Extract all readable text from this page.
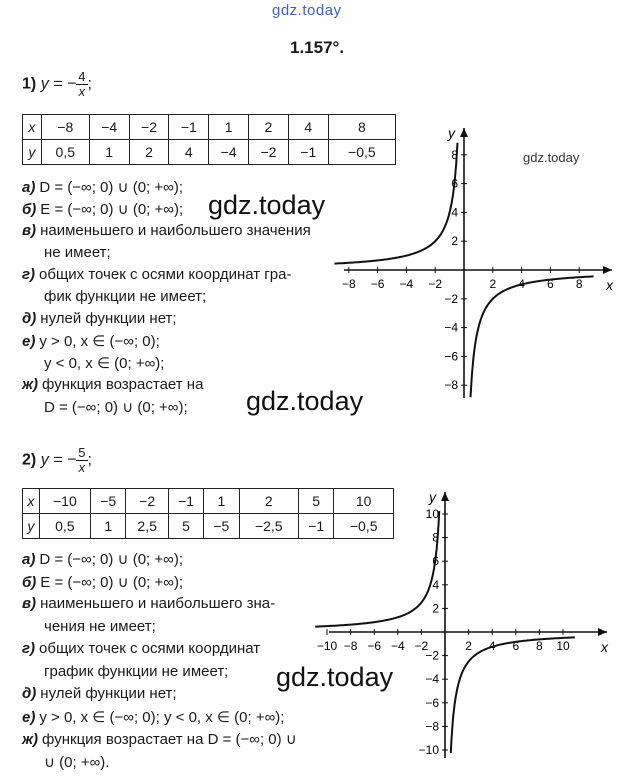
gdz.today
1.157°.
1) y = − $\frac{4}{x}$ ;
x	−8	−4	−2	−1	1	2	4	8
y	0,5	1	2	4	−4	−2	−1	−0,5
а) D = (−∞; 0) ∪ (0; +∞);
б) E = (−∞; 0) ∪ (0; +∞);
в) наименьшего и наибольшего значения
не имеет;
г) общих точек с осями координат гра-
фик функции не имеет;
д) нулей функции нет;
е) y > 0, x ∈ (−∞; 0);
y < 0, x ∈ (0; +∞);
ж) функция возрастает на
D = (−∞; 0) ∪ (0; +∞);
x
y
−8 −6 −4 −2	2 4 6 8
8
6
4
2
−2
−4
−6
−8
gdz.today
gdz.today
gdz.today
2) y = − $\frac{5}{x}$ ;
x	−10	−5	−2	−1	1	2	5	10
y	0,5	1	2,5	5	−5	−2,5	−1	−0,5
а) D = (−∞; 0) ∪ (0; +∞);
б) E = (−∞; 0) ∪ (0; +∞);
в) наименьшего и наибольшего зна-
чения не имеет;
г) общих точек с осями координат
график функции не имеет;
д) нулей функции нет;
е) y > 0, x ∈ (−∞; 0); y < 0, x ∈ (0; +∞);
ж) функция возрастает на D = (−∞; 0) ∪
∪ (0; +∞).
x
y
−10 −8 −6 −4 −2	2 4 6 8 10
10
8
6
4
2
−2
−4
−6
−8
−10
gdz.today
